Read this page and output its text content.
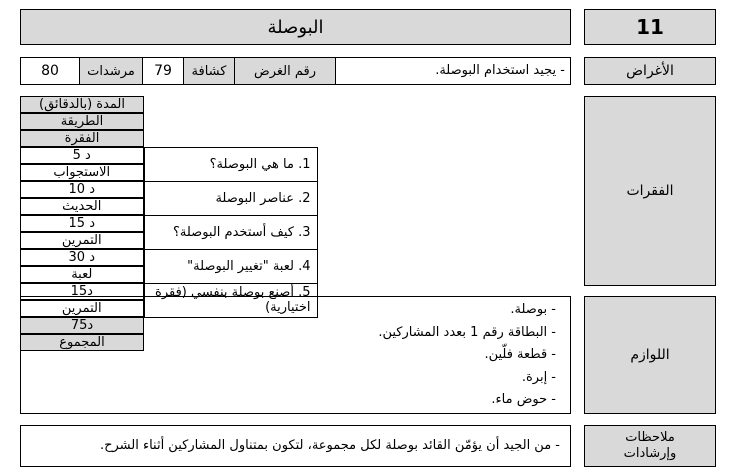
البوصلة	11
الأغراض
80 مرشدات 79 كشافة رقم الغرض	- يجيد استخدام البوصلة.
الفقرات
المدة (بالدقائق)
الطريقة
الفقرة

5 د
الاستجواب
1. ما هي البوصلة؟

10 د
الحديث
2. عناصر البوصلة

15 د
التمرين
3. كيف أستخدم البوصلة؟

30 د
لعبة
4. لعبة "تغيير البوصلة"

15د
التمرين
5. أصنع بوصلة بنفسي (فقرة اختيارية)

75د
المجموع
اللوازم
- بوصلة.
- البطاقة رقم 1 بعدد المشاركين.
- قطعة فلّين.
- إبرة.
- حوض ماء.
ملاحظات وإرشادات
- من الجيد أن يؤمّن القائد بوصلة لكل مجموعة، لتكون بمتناول المشاركين أثناء الشرح.
